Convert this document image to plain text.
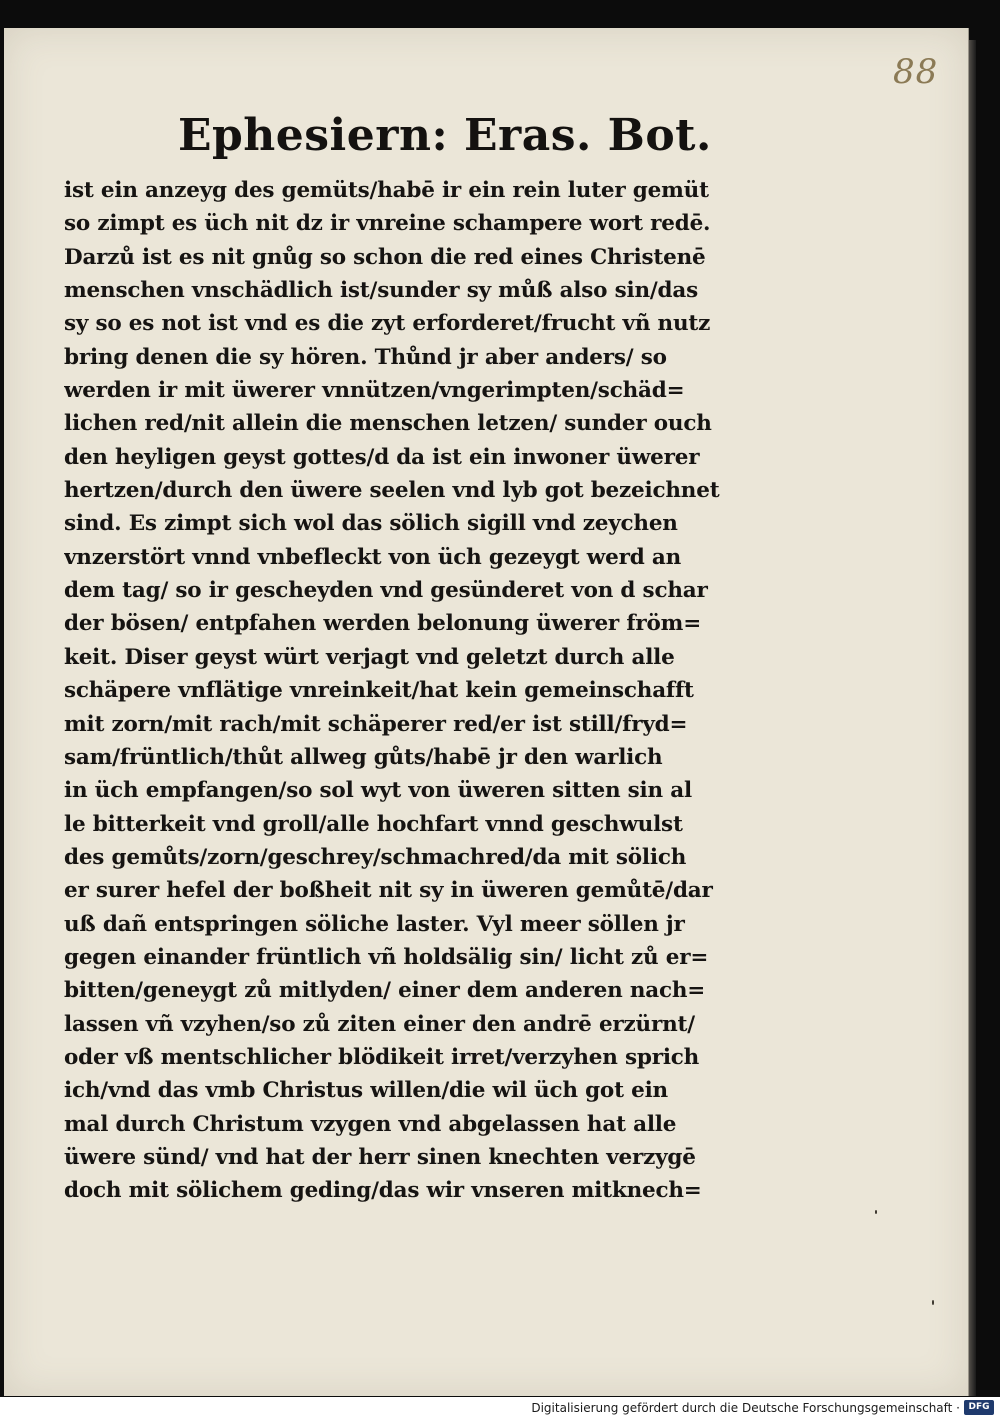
88
Ephesiern: Eras. Bot.
ist ein anzeyg des gemüts/habē ir ein rein luter gemüt
so zimpt es üch nit dz ir vnreine schampere wort redē.
Darzů ist es nit gnůg so schon die red eines Christenē
menschen vnschädlich ist/sunder sy můß also sin/das
sy so es not ist vnd es die zyt erforderet/frucht vñ nutz
bring denen die sy hören. Thůnd jr aber anders/ so
werden ir mit üwerer vnnützen/vngerimpten/schäd=
lichen red/nit allein die menschen letzen/ sunder ouch
den heyligen geyst gottes/d da ist ein inwoner üwerer
hertzen/durch den üwere seelen vnd lyb got bezeichnet
sind. Es zimpt sich wol das sölich sigill vnd zeychen
vnzerstört vnnd vnbefleckt von üch gezeygt werd an
dem tag/ so ir gescheyden vnd gesünderet von d schar
der bösen/ entpfahen werden belonung üwerer fröm=
keit. Diser geyst würt verjagt vnd geletzt durch alle
schäpere vnflätige vnreinkeit/hat kein gemeinschafft
mit zorn/mit rach/mit schäperer red/er ist still/fryd=
sam/früntlich/thůt allweg gůts/habē jr den warlich
in üch empfangen/so sol wyt von üweren sitten sin al
le bitterkeit vnd groll/alle hochfart vnnd geschwulst
des gemůts/zorn/geschrey/schmachred/da mit sölich
er surer hefel der boßheit nit sy in üweren gemůtē/dar
uß dañ entspringen söliche laster. Vyl meer söllen jr
gegen einander früntlich vñ holdsälig sin/ licht zů er=
bitten/geneygt zů mitlyden/ einer dem anderen nach=
lassen vñ vzyhen/so zů ziten einer den andrē erzürnt/
oder vß mentschlicher blödikeit irret/verzyhen sprich
ich/vnd das vmb Christus willen/die wil üch got ein
mal durch Christum vzygen vnd abgelassen hat alle
üwere sünd/ vnd hat der herr sinen knechten verzygē
doch mit sölichem geding/das wir vnseren mitknech=
Digitalisierung gefördert durch die Deutsche Forschungsgemeinschaft · DFG
